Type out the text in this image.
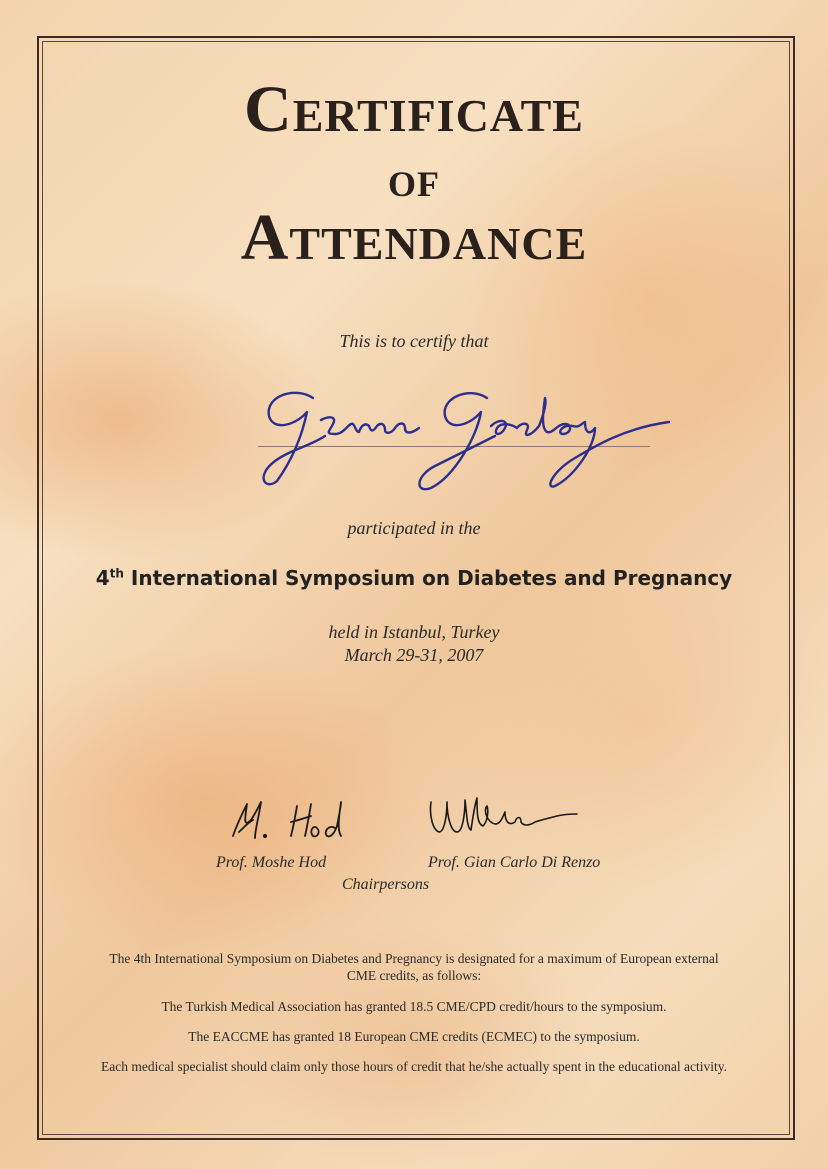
CERTIFICATE
OF
ATTENDANCE
This is to certify that
participated in the
4th International Symposium on Diabetes and Pregnancy
held in Istanbul, Turkey
March 29-31, 2007
Prof. Moshe Hod	Prof. Gian Carlo Di Renzo
Chairpersons
The 4th International Symposium on Diabetes and Pregnancy is designated for a maximum of European external CME credits, as follows:
The Turkish Medical Association has granted 18.5 CME/CPD credit/hours to the symposium.
The EACCME has granted 18 European CME credits (ECMEC) to the symposium.
Each medical specialist should claim only those hours of credit that he/she actually spent in the educational activity.
